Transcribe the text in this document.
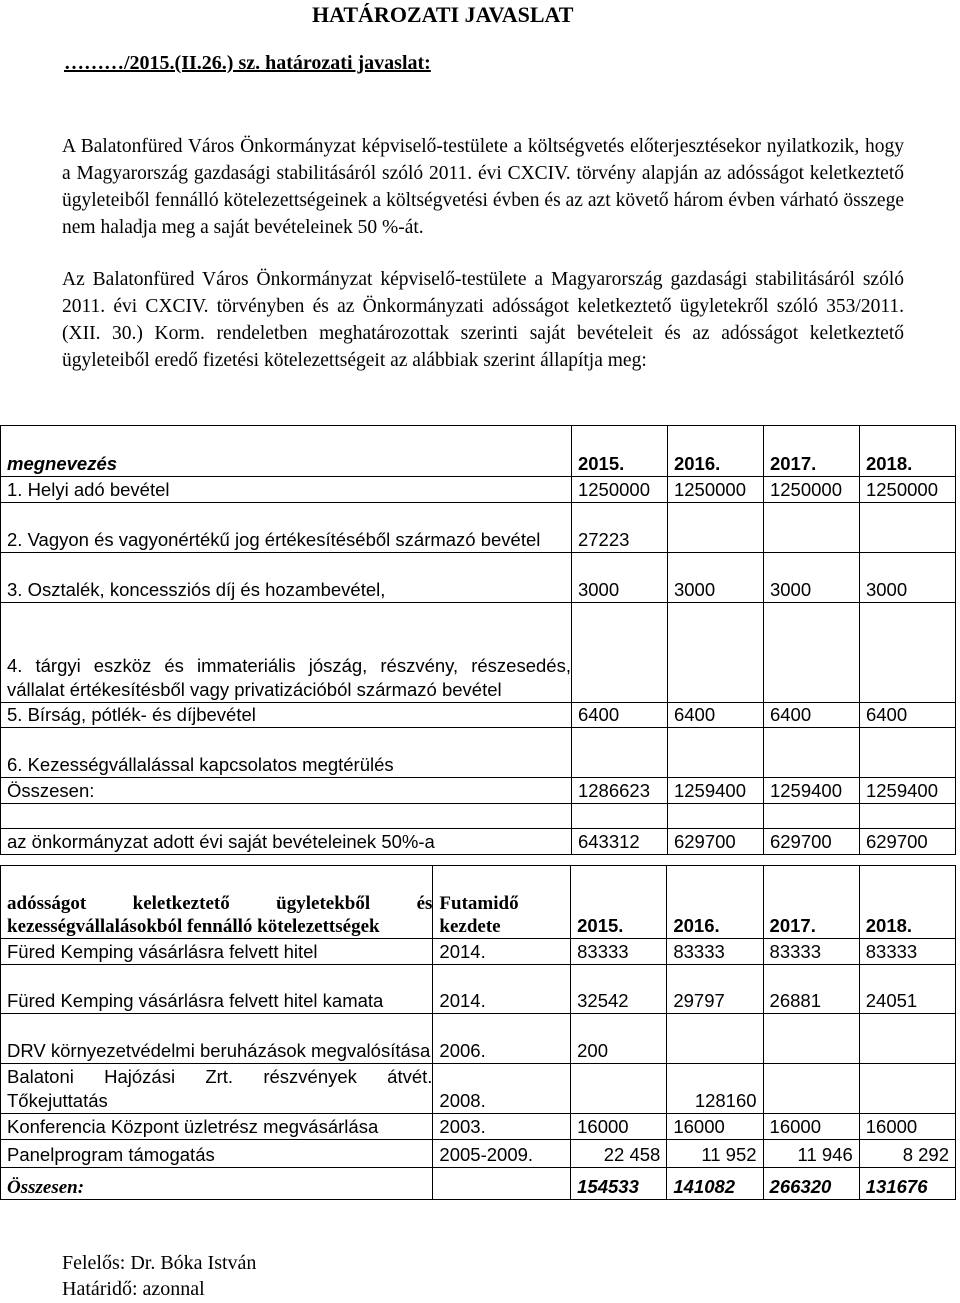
HATÁROZATI JAVASLAT
………/2015.(II.26.) sz. határozati javaslat:
A Balatonfüred Város Önkormányzat képviselő-testülete a költségvetés előterjesztésekor nyilatkozik, hogy a Magyarország gazdasági stabilitásáról szóló 2011. évi CXCIV. törvény alapján az adósságot keletkeztető ügyleteiből fennálló kötelezettségeinek a költségvetési évben és az azt követő három évben várható összege nem haladja meg a saját bevételeinek 50 %-át.
Az Balatonfüred Város Önkormányzat képviselő-testülete a Magyarország gazdasági stabilitásáról szóló 2011. évi CXCIV. törvényben és az Önkormányzati adósságot keletkeztető ügyletekről szóló 353/2011. (XII. 30.) Korm. rendeletben meghatározottak szerinti saját bevételeit és az adósságot keletkeztető ügyleteiből eredő fizetési kötelezettségeit az alábbiak szerint állapítja meg:
megnevezés	2015.	2016.	2017.	2018.
1. Helyi adó bevétel	1250000	1250000	1250000	1250000
2. Vagyon és vagyonértékű jog értékesítéséből származó bevétel	27223			
3. Osztalék, koncessziós díj és hozambevétel,	3000	3000	3000	3000
4. tárgyi eszköz és immateriális jószág, részvény, részesedés, vállalat értékesítésből vagy privatizációból származó bevétel				
5. Bírság, pótlék- és díjbevétel	6400	6400	6400	6400
6. Kezességvállalással kapcsolatos megtérülés				
Összesen:	1286623	1259400	1259400	1259400

az önkormányzat adott évi saját bevételeinek 50%-a	643312	629700	629700	629700
adósságot keletkeztető ügyletekből és kezességvállalásokból fennálló kötelezettségek	Futamidő kezdete	2015.	2016.	2017.	2018.
Füred Kemping vásárlásra felvett hitel	2014.	83333	83333	83333	83333
Füred Kemping vásárlásra felvett hitel kamata	2014.	32542	29797	26881	24051
DRV környezetvédelmi beruházások megvalósítása	2006.	200			
Balatoni Hajózási Zrt. részvények átvét. Tőkejuttatás	2008.		128160		
Konferencia Központ üzletrész megvásárlása	2003.	16000	16000	16000	16000
Panelprogram támogatás	2005-2009.	22 458	11 952	11 946	8 292
Összesen:		154533	141082	266320	131676
Felelős: Dr. Bóka István
Határidő: azonnal
